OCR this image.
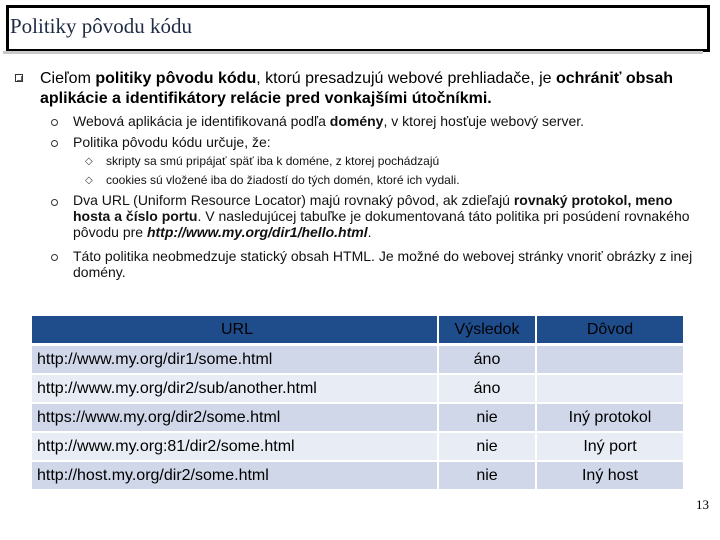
Politiky pôvodu kódu
Cieľom politiky pôvodu kódu, ktorú presadzujú webové prehliadače, je ochrániť obsah aplikácie a identifikátory relácie pred vonkajšími útočníkmi.
Webová aplikácia je identifikovaná podľa domény, v ktorej hosťuje webový server.
Politika pôvodu kódu určuje, že:
◇ skripty sa smú pripájať späť iba k doméne, z ktorej pochádzajú
◇ cookies sú vložené iba do žiadostí do tých domén, ktoré ich vydali.
Dva URL (Uniform Resource Locator) majú rovnaký pôvod, ak zdieľajú rovnaký protokol, meno hosta a číslo portu. V nasledujúcej tabuľke je dokumentovaná táto politika pri posúdení rovnakého pôvodu pre http://www.my.org/dir1/hello.html.
Táto politika neobmedzuje statický obsah HTML. Je možné do webovej stránky vnoriť obrázky z inej domény.
URL	Výsledok	Dôvod
http://www.my.org/dir1/some.html	áno	
http://www.my.org/dir2/sub/another.html	áno	
https://www.my.org/dir2/some.html	nie	Iný protokol
http://www.my.org:81/dir2/some.html	nie	Iný port
http://host.my.org/dir2/some.html	nie	Iný host
13
